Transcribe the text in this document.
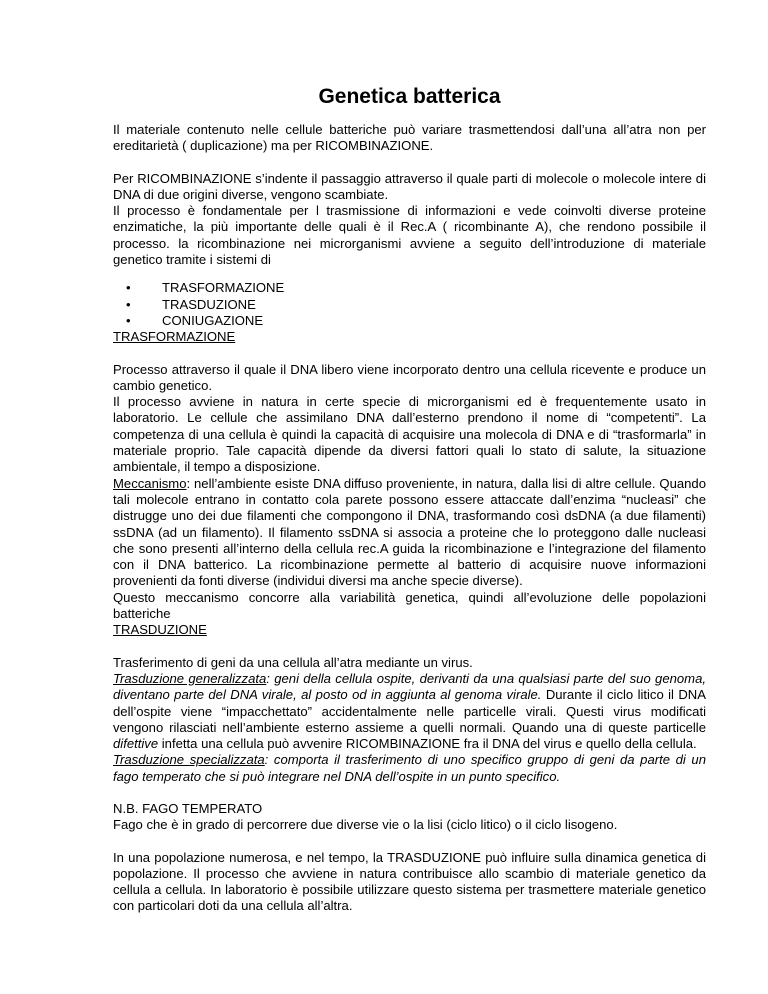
Genetica batterica

Il materiale contenuto nelle cellule batteriche può variare trasmettendosi dall’una all’atra non per ereditarietà ( duplicazione) ma per RICOMBINAZIONE.

Per RICOMBINAZIONE s’indente il passaggio attraverso il quale parti di molecole o molecole intere di DNA di due origini diverse, vengono scambiate.

Il processo è fondamentale per l trasmissione di informazioni e vede coinvolti diverse proteine enzimatiche, la più importante delle quali è il Rec.A ( ricombinante A), che rendono possibile il processo. la ricombinazione nei microrganismi avviene a seguito dell’introduzione di materiale genetico tramite i sistemi di

• TRASFORMAZIONE
• TRASDUZIONE
• CONIUGAZIONE

TRASFORMAZIONE

Processo attraverso il quale il DNA libero viene incorporato dentro una cellula ricevente e produce un cambio genetico.

Il processo avviene in natura in certe specie di microrganismi ed è frequentemente usato in laboratorio. Le cellule che assimilano DNA dall’esterno prendono il nome di “competenti”. La competenza di una cellula è quindi la capacità di acquisire una molecola di DNA e di “trasformarla” in materiale proprio. Tale capacità dipende da diversi fattori quali lo stato di salute, la situazione ambientale, il tempo a disposizione.

Meccanismo: nell’ambiente esiste DNA diffuso proveniente, in natura, dalla lisi di altre cellule. Quando tali molecole entrano in contatto cola parete possono essere attaccate dall’enzima “nucleasi” che distrugge uno dei due filamenti che compongono il DNA, trasformando così dsDNA (a due filamenti) ssDNA (ad un filamento). Il filamento ssDNA si associa a proteine che lo proteggono dalle nucleasi che sono presenti all’interno della cellula rec.A guida la ricombinazione e l’integrazione del filamento con il DNA batterico. La ricombinazione permette al batterio di acquisire nuove informazioni provenienti da fonti diverse (individui diversi ma anche specie diverse).

Questo meccanismo concorre alla variabilità genetica, quindi all’evoluzione delle popolazioni batteriche

TRASDUZIONE

Trasferimento di geni da una cellula all’atra mediante un virus.

Trasduzione generalizzata: geni della cellula ospite, derivanti da una qualsiasi parte del suo genoma, diventano parte del DNA virale, al posto od in aggiunta al genoma virale. Durante il ciclo litico il DNA dell’ospite viene “impacchettato” accidentalmente nelle particelle virali. Questi virus modificati vengono rilasciati nell’ambiente esterno assieme a quelli normali. Quando una di queste particelle difettive infetta una cellula può avvenire RICOMBINAZIONE fra il DNA del virus e quello della cellula.

Trasduzione specializzata: comporta il trasferimento di uno specifico gruppo di geni da parte di un fago temperato che si può integrare nel DNA dell’ospite in un punto specifico.

N.B. FAGO TEMPERATO

Fago che è in grado di percorrere due diverse vie o la lisi (ciclo litico) o il ciclo lisogeno.

In una popolazione numerosa, e nel tempo, la TRASDUZIONE può influire sulla dinamica genetica di popolazione. Il processo che avviene in natura contribuisce allo scambio di materiale genetico da cellula a cellula. In laboratorio è possibile utilizzare questo sistema per trasmettere materiale genetico con particolari doti da una cellula all’altra.
